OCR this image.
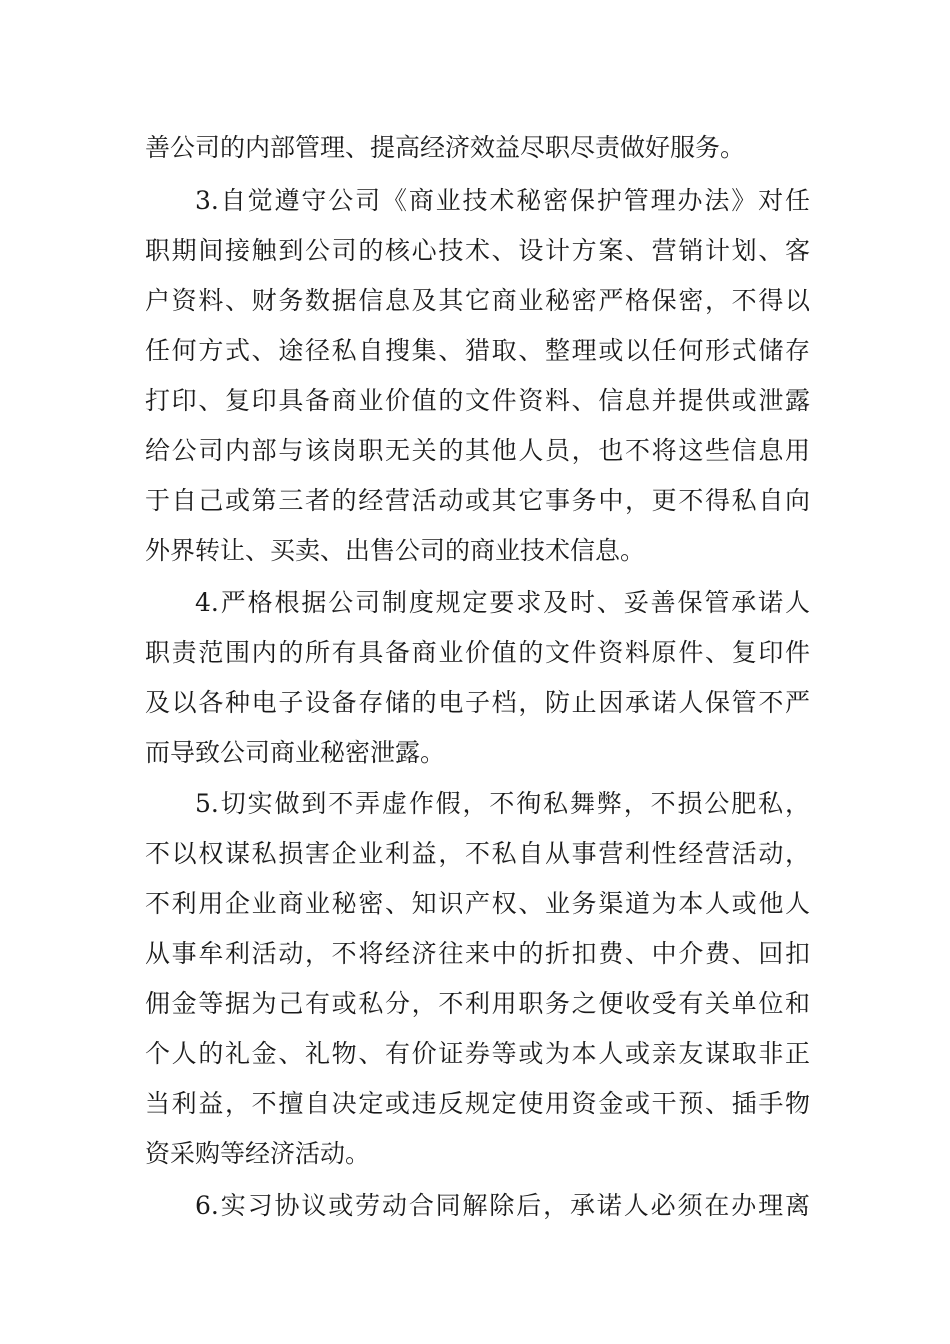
善公司的内部管理、提高经济效益尽职尽责做好服务。
3.自觉遵守公司《商业技术秘密保护管理办法》对任
职期间接触到公司的核心技术、设计方案、营销计划、客
户资料、财务数据信息及其它商业秘密严格保密，不得以
任何方式、途径私自搜集、猎取、整理或以任何形式储存
打印、复印具备商业价值的文件资料、信息并提供或泄露
给公司内部与该岗职无关的其他人员，也不将这些信息用
于自己或第三者的经营活动或其它事务中，更不得私自向
外界转让、买卖、出售公司的商业技术信息。
4.严格根据公司制度规定要求及时、妥善保管承诺人
职责范围内的所有具备商业价值的文件资料原件、复印件
及以各种电子设备存储的电子档，防止因承诺人保管不严
而导致公司商业秘密泄露。
5.切实做到不弄虚作假，不徇私舞弊，不损公肥私，
不以权谋私损害企业利益，不私自从事营利性经营活动，
不利用企业商业秘密、知识产权、业务渠道为本人或他人
从事牟利活动，不将经济往来中的折扣费、中介费、回扣
佣金等据为己有或私分，不利用职务之便收受有关单位和
个人的礼金、礼物、有价证券等或为本人或亲友谋取非正
当利益，不擅自决定或违反规定使用资金或干预、插手物
资采购等经济活动。
6.实习协议或劳动合同解除后，承诺人必须在办理离
